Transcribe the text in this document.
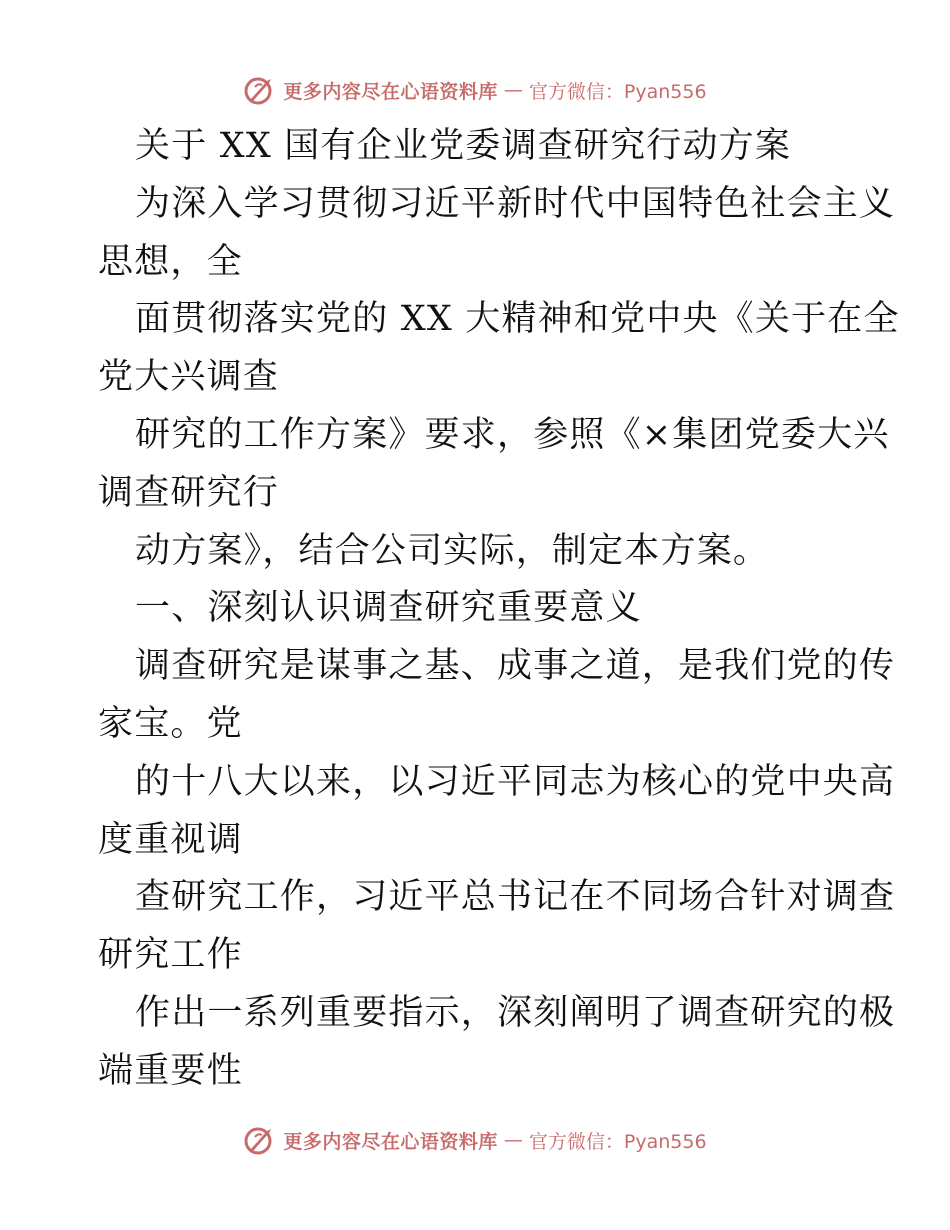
更多内容尽在心语资料库 — 官方微信：Pyan556
关于 XX 国有企业党委调查研究行动方案
为深入学习贯彻习近平新时代中国特色社会主义
思想，全
面贯彻落实党的 XX 大精神和党中央《关于在全
党大兴调查
研究的工作方案》要求，参照《×集团党委大兴
调查研究行
动方案》，结合公司实际，制定本方案。
一、深刻认识调查研究重要意义
调查研究是谋事之基、成事之道，是我们党的传
家宝。党
的十八大以来，以习近平同志为核心的党中央高
度重视调
查研究工作，习近平总书记在不同场合针对调查
研究工作
作出一系列重要指示，深刻阐明了调查研究的极
端重要性
更多内容尽在心语资料库 — 官方微信：Pyan556
